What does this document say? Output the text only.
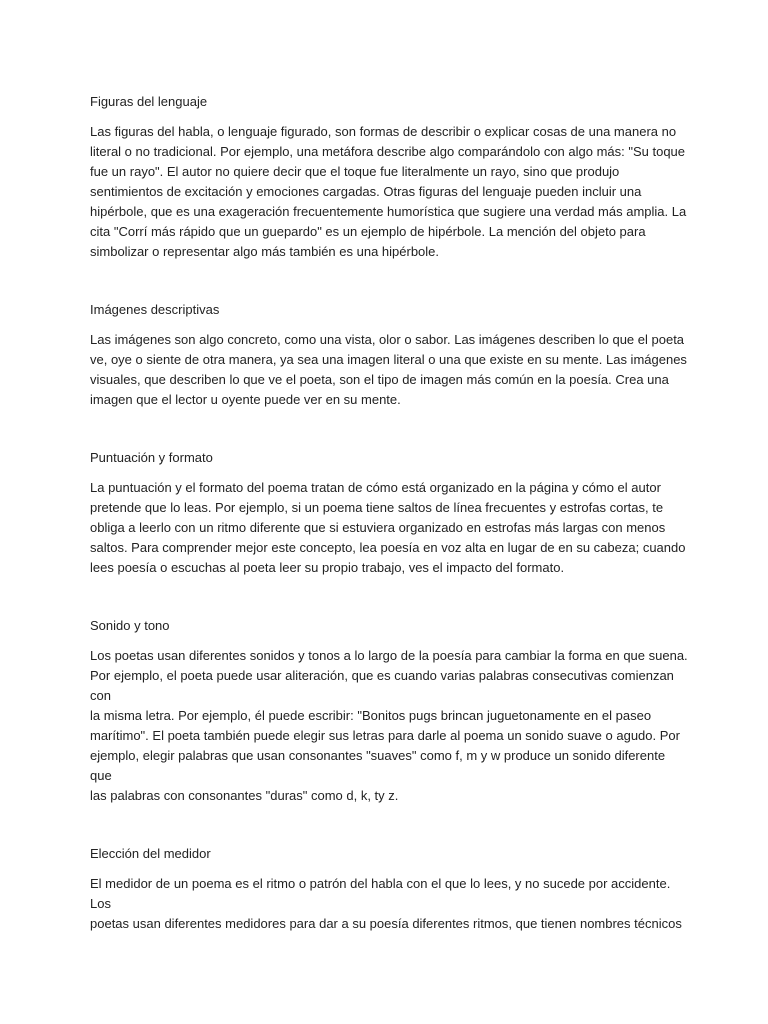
Figuras del lenguaje

Las figuras del habla, o lenguaje figurado, son formas de describir o explicar cosas de una manera no
literal o no tradicional. Por ejemplo, una metáfora describe algo comparándolo con algo más: "Su toque
fue un rayo". El autor no quiere decir que el toque fue literalmente un rayo, sino que produjo
sentimientos de excitación y emociones cargadas. Otras figuras del lenguaje pueden incluir una
hipérbole, que es una exageración frecuentemente humorística que sugiere una verdad más amplia. La
cita "Corrí más rápido que un guepardo" es un ejemplo de hipérbole. La mención del objeto para
simbolizar o representar algo más también es una hipérbole.

Imágenes descriptivas

Las imágenes son algo concreto, como una vista, olor o sabor. Las imágenes describen lo que el poeta
ve, oye o siente de otra manera, ya sea una imagen literal o una que existe en su mente. Las imágenes
visuales, que describen lo que ve el poeta, son el tipo de imagen más común en la poesía. Crea una
imagen que el lector u oyente puede ver en su mente.

Puntuación y formato

La puntuación y el formato del poema tratan de cómo está organizado en la página y cómo el autor
pretende que lo leas. Por ejemplo, si un poema tiene saltos de línea frecuentes y estrofas cortas, te
obliga a leerlo con un ritmo diferente que si estuviera organizado en estrofas más largas con menos
saltos. Para comprender mejor este concepto, lea poesía en voz alta en lugar de en su cabeza; cuando
lees poesía o escuchas al poeta leer su propio trabajo, ves el impacto del formato.

Sonido y tono

Los poetas usan diferentes sonidos y tonos a lo largo de la poesía para cambiar la forma en que suena.
Por ejemplo, el poeta puede usar aliteración, que es cuando varias palabras consecutivas comienzan con
la misma letra. Por ejemplo, él puede escribir: "Bonitos pugs brincan juguetonamente en el paseo
marítimo". El poeta también puede elegir sus letras para darle al poema un sonido suave o agudo. Por
ejemplo, elegir palabras que usan consonantes "suaves" como f, m y w produce un sonido diferente que
las palabras con consonantes "duras" como d, k, ty z.

Elección del medidor

El medidor de un poema es el ritmo o patrón del habla con el que lo lees, y no sucede por accidente. Los
poetas usan diferentes medidores para dar a su poesía diferentes ritmos, que tienen nombres técnicos
